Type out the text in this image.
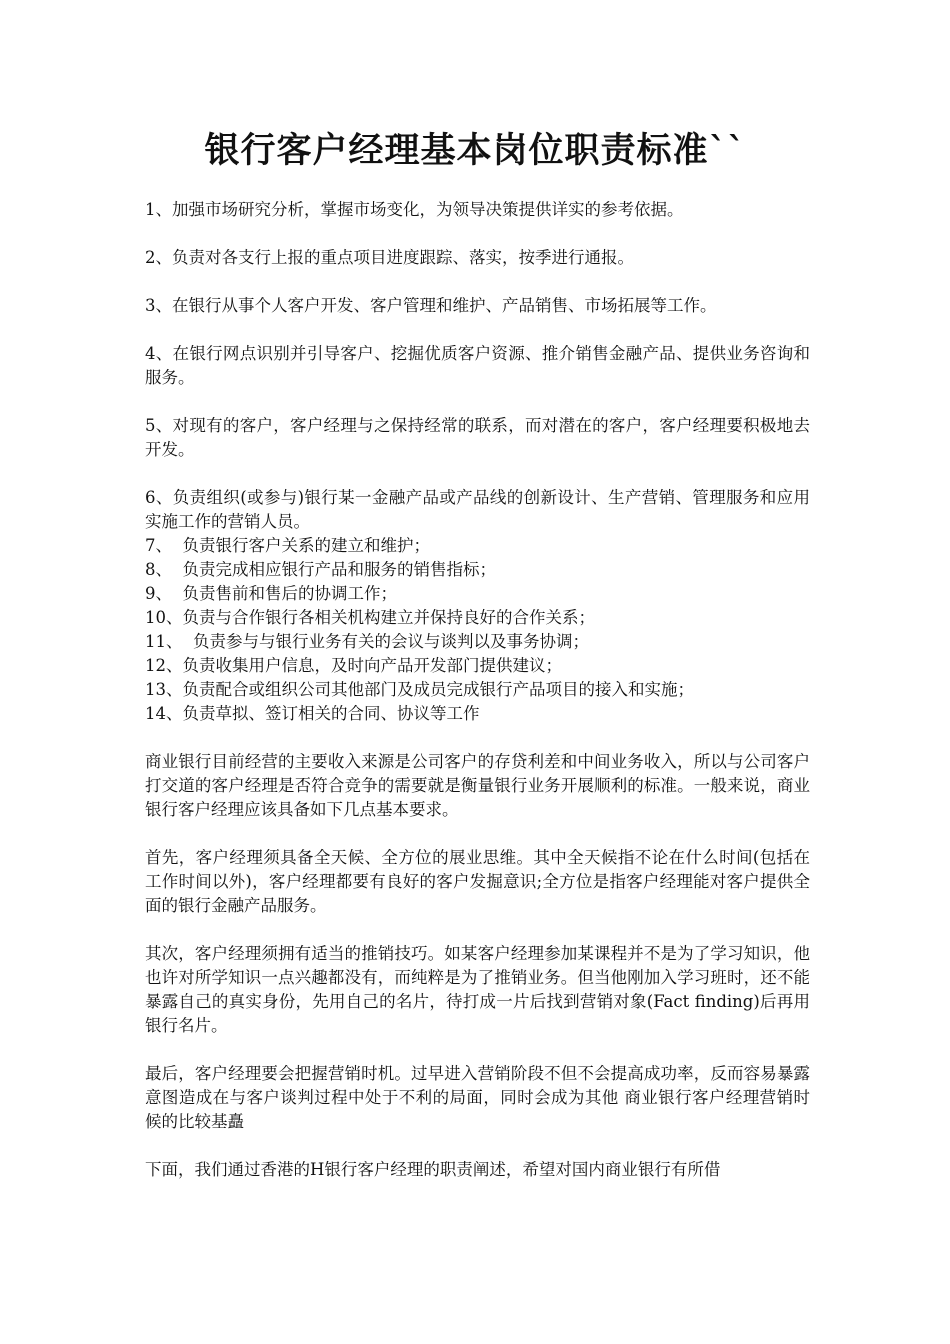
银行客户经理基本岗位职责标准``

1、加强市场研究分析，掌握市场变化，为领导决策提供详实的参考依据。

2、负责对各支行上报的重点项目进度跟踪、落实，按季进行通报。

3、在银行从事个人客户开发、客户管理和维护、产品销售、市场拓展等工作。

4、在银行网点识别并引导客户、挖掘优质客户资源、推介销售金融产品、提供业务咨询和服务。

5、对现有的客户，客户经理与之保持经常的联系，而对潜在的客户，客户经理要积极地去开发。

6、负责组织(或参与)银行某一金融产品或产品线的创新设计、生产营销、管理服务和应用实施工作的营销人员。

7、  负责银行客户关系的建立和维护；

8、  负责完成相应银行产品和服务的销售指标；

9、  负责售前和售后的协调工作；

10、负责与合作银行各相关机构建立并保持良好的合作关系；

11、  负责参与与银行业务有关的会议与谈判以及事务协调；

12、负责收集用户信息，及时向产品开发部门提供建议；

13、负责配合或组织公司其他部门及成员完成银行产品项目的接入和实施；

14、负责草拟、签订相关的合同、协议等工作

商业银行目前经营的主要收入来源是公司客户的存贷利差和中间业务收入，所以与公司客户打交道的客户经理是否符合竞争的需要就是衡量银行业务开展顺利的标准。一般来说，商业银行客户经理应该具备如下几点基本要求。

首先，客户经理须具备全天候、全方位的展业思维。其中全天候指不论在什么时间(包括在工作时间以外)，客户经理都要有良好的客户发掘意识;全方位是指客户经理能对客户提供全面的银行金融产品服务。

其次，客户经理须拥有适当的推销技巧。如某客户经理参加某课程并不是为了学习知识，他也许对所学知识一点兴趣都没有，而纯粹是为了推销业务。但当他刚加入学习班时，还不能暴露自己的真实身份，先用自己的名片，待打成一片后找到营销对象(Fact finding)后再用银行名片。

最后，客户经理要会把握营销时机。过早进入营销阶段不但不会提高成功率，反而容易暴露意图造成在与客户谈判过程中处于不利的局面，同时会成为其他 商业银行客户经理营销时候的比较基矗

下面，我们通过香港的H银行客户经理的职责阐述，希望对国内商业银行有所借
